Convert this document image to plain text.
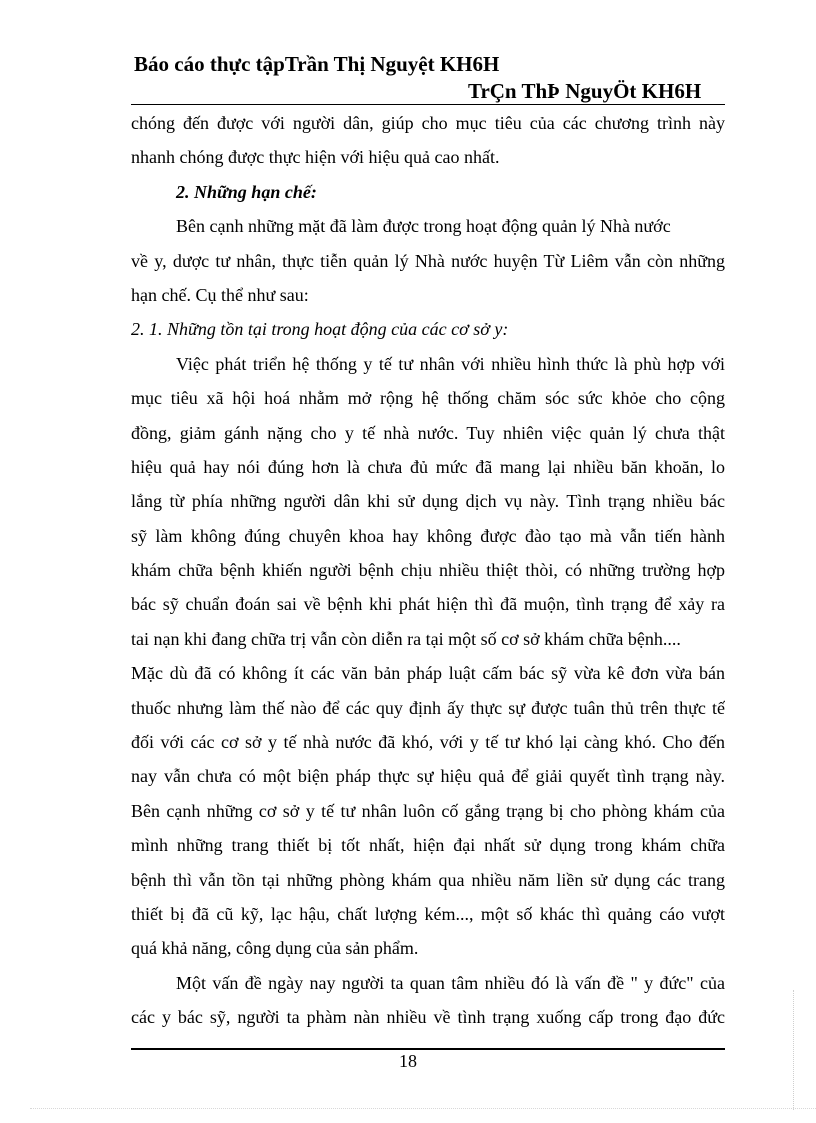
Báo cáo thực tậpTrần Thị Nguyệt KH6H
TrÇn ThÞ NguyÖt KH6H
chóng đến được với người dân, giúp cho mục tiêu của các chương trình này
nhanh chóng được thực hiện với hiệu quả cao nhất.
2. Những hạn chế:
Bên cạnh những mặt đã làm được trong hoạt động quản lý Nhà nước
về y, dược tư nhân, thực tiễn quản lý Nhà nước huyện Từ Liêm vẫn còn những
hạn chế. Cụ thể như sau:
2. 1. Những tồn tại trong hoạt động của các cơ sở y:
Việc phát triển hệ thống y tế tư nhân với nhiều hình thức là phù hợp với
mục tiêu xã hội hoá nhằm mở rộng hệ thống chăm sóc sức khỏe cho cộng
đồng, giảm gánh nặng cho y tế nhà nước. Tuy nhiên việc quản lý chưa thật
hiệu quả hay nói đúng hơn là chưa đủ mức đã mang lại nhiều băn khoăn, lo
lắng từ phía những người dân khi sử dụng dịch vụ này. Tình trạng nhiều bác
sỹ làm không đúng chuyên khoa hay không được đào tạo mà vẫn tiến hành
khám chữa bệnh khiến người bệnh chịu nhiều thiệt thòi, có những trường hợp
bác sỹ chuẩn đoán sai về bệnh khi phát hiện thì đã muộn, tình trạng để xảy ra
tai nạn khi đang chữa trị vẫn còn diễn ra tại một số cơ sở khám chữa bệnh....
Mặc dù đã có không ít các văn bản pháp luật cấm bác sỹ vừa kê đơn vừa bán
thuốc nhưng làm thế nào để các quy định ấy thực sự được tuân thủ trên thực tế
đối với các cơ sở y tế nhà nước đã khó, với y tế tư khó lại càng khó. Cho đến
nay vẫn chưa có một biện pháp thực sự hiệu quả để giải quyết tình trạng này.
Bên cạnh những cơ sở y tế tư nhân luôn cố gắng trạng bị cho phòng khám của
mình những trang thiết bị tốt nhất, hiện đại nhất sử dụng trong khám chữa
bệnh thì vẫn tồn tại những phòng khám qua nhiều năm liền sử dụng các trang
thiết bị đã cũ kỹ, lạc hậu, chất lượng kém..., một số khác thì quảng cáo vượt
quá khả năng, công dụng của sản phẩm.
Một vấn đề ngày nay người ta quan tâm nhiều đó là vấn đề " y đức" của
các y bác sỹ, người ta phàm nàn nhiều về tình trạng xuống cấp trong đạo đức
18
